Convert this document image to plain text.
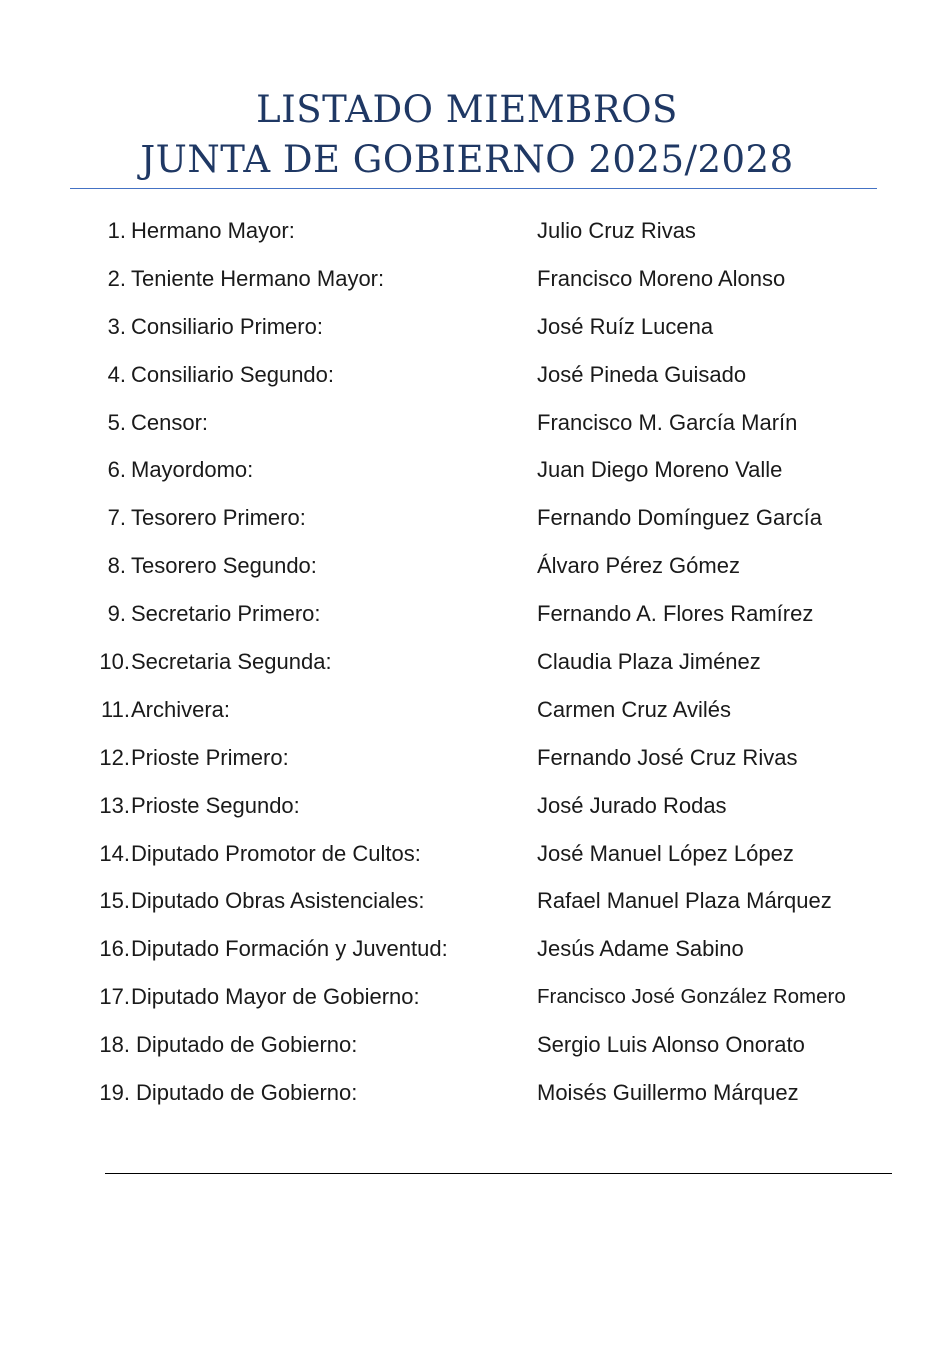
LISTADO MIEMBROS
JUNTA DE GOBIERNO 2025/2028
1. Hermano Mayor:	Julio Cruz Rivas
2. Teniente Hermano Mayor:	Francisco Moreno Alonso
3. Consiliario Primero:	José Ruíz Lucena
4. Consiliario Segundo:	José Pineda Guisado
5. Censor:	Francisco M. García Marín
6. Mayordomo:	Juan Diego Moreno Valle
7. Tesorero Primero:	Fernando Domínguez García
8. Tesorero Segundo:	Álvaro Pérez Gómez
9. Secretario Primero:	Fernando A. Flores Ramírez
10. Secretaria Segunda:	Claudia Plaza Jiménez
11. Archivera:	Carmen Cruz Avilés
12. Prioste Primero:	Fernando José Cruz Rivas
13. Prioste Segundo:	José Jurado Rodas
14. Diputado Promotor de Cultos:	José Manuel López López
15. Diputado Obras Asistenciales:	Rafael Manuel Plaza Márquez
16. Diputado Formación y Juventud:	Jesús Adame Sabino
17. Diputado Mayor de Gobierno:	Francisco José González Romero
18. Diputado de Gobierno:	Sergio Luis Alonso Onorato
19. Diputado de Gobierno:	Moisés Guillermo Márquez
